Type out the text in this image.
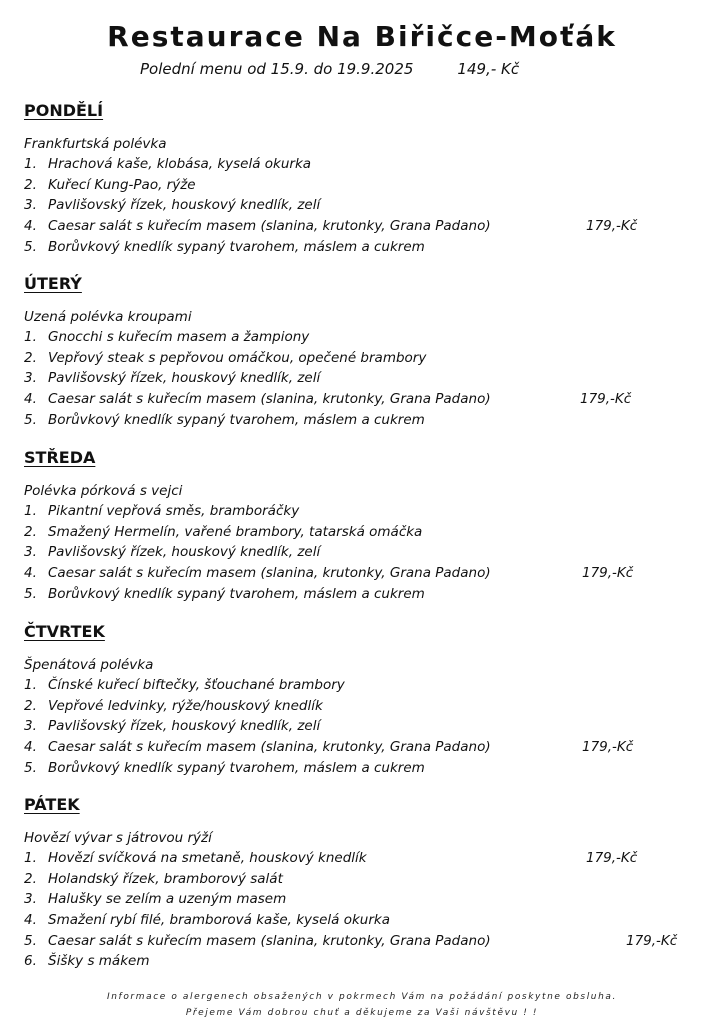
Restaurace Na Biřičce-Moťák
Polední menu od 15.9. do 19.9.2025	149,- Kč
PONDĚLÍ
Frankfurtská polévka
1. Hrachová kaše, klobása, kyselá okurka
2. Kuřecí Kung-Pao, rýže
3. Pavlišovský řízek, houskový knedlík, zelí
4. Caesar salát s kuřecím masem (slanina, krutonky, Grana Padano)	179,-Kč
5. Borůvkový knedlík sypaný tvarohem, máslem a cukrem
ÚTERÝ
Uzená polévka kroupami
1. Gnocchi s kuřecím masem a žampiony
2. Vepřový steak s pepřovou omáčkou, opečené brambory
3. Pavlišovský řízek, houskový knedlík, zelí
4. Caesar salát s kuřecím masem (slanina, krutonky, Grana Padano)	179,-Kč
5. Borůvkový knedlík sypaný tvarohem, máslem a cukrem
STŘEDA
Polévka pórková s vejci
1. Pikantní vepřová směs, bramboráčky
2. Smažený Hermelín, vařené brambory, tatarská omáčka
3. Pavlišovský řízek, houskový knedlík, zelí
4. Caesar salát s kuřecím masem (slanina, krutonky, Grana Padano)	179,-Kč
5. Borůvkový knedlík sypaný tvarohem, máslem a cukrem
ČTVRTEK
Špenátová polévka
1. Čínské kuřecí biftečky, šťouchané brambory
2. Vepřové ledvinky, rýže/houskový knedlík
3. Pavlišovský řízek, houskový knedlík, zelí
4. Caesar salát s kuřecím masem (slanina, krutonky, Grana Padano)	179,-Kč
5. Borůvkový knedlík sypaný tvarohem, máslem a cukrem
PÁTEK
Hovězí vývar s játrovou rýží
1. Hovězí svíčková na smetaně, houskový knedlík	179,-Kč
2. Holandský řízek, bramborový salát
3. Halušky se zelím a uzeným masem
4. Smažení rybí filé, bramborová kaše, kyselá okurka
5. Caesar salát s kuřecím masem (slanina, krutonky, Grana Padano)	179,-Kč
6. Šišky s mákem
Informace o alergenech obsažených v pokrmech Vám na požádání poskytne obsluha.
Přejeme Vám dobrou chuť a děkujeme za Vaši návštěvu ! !
